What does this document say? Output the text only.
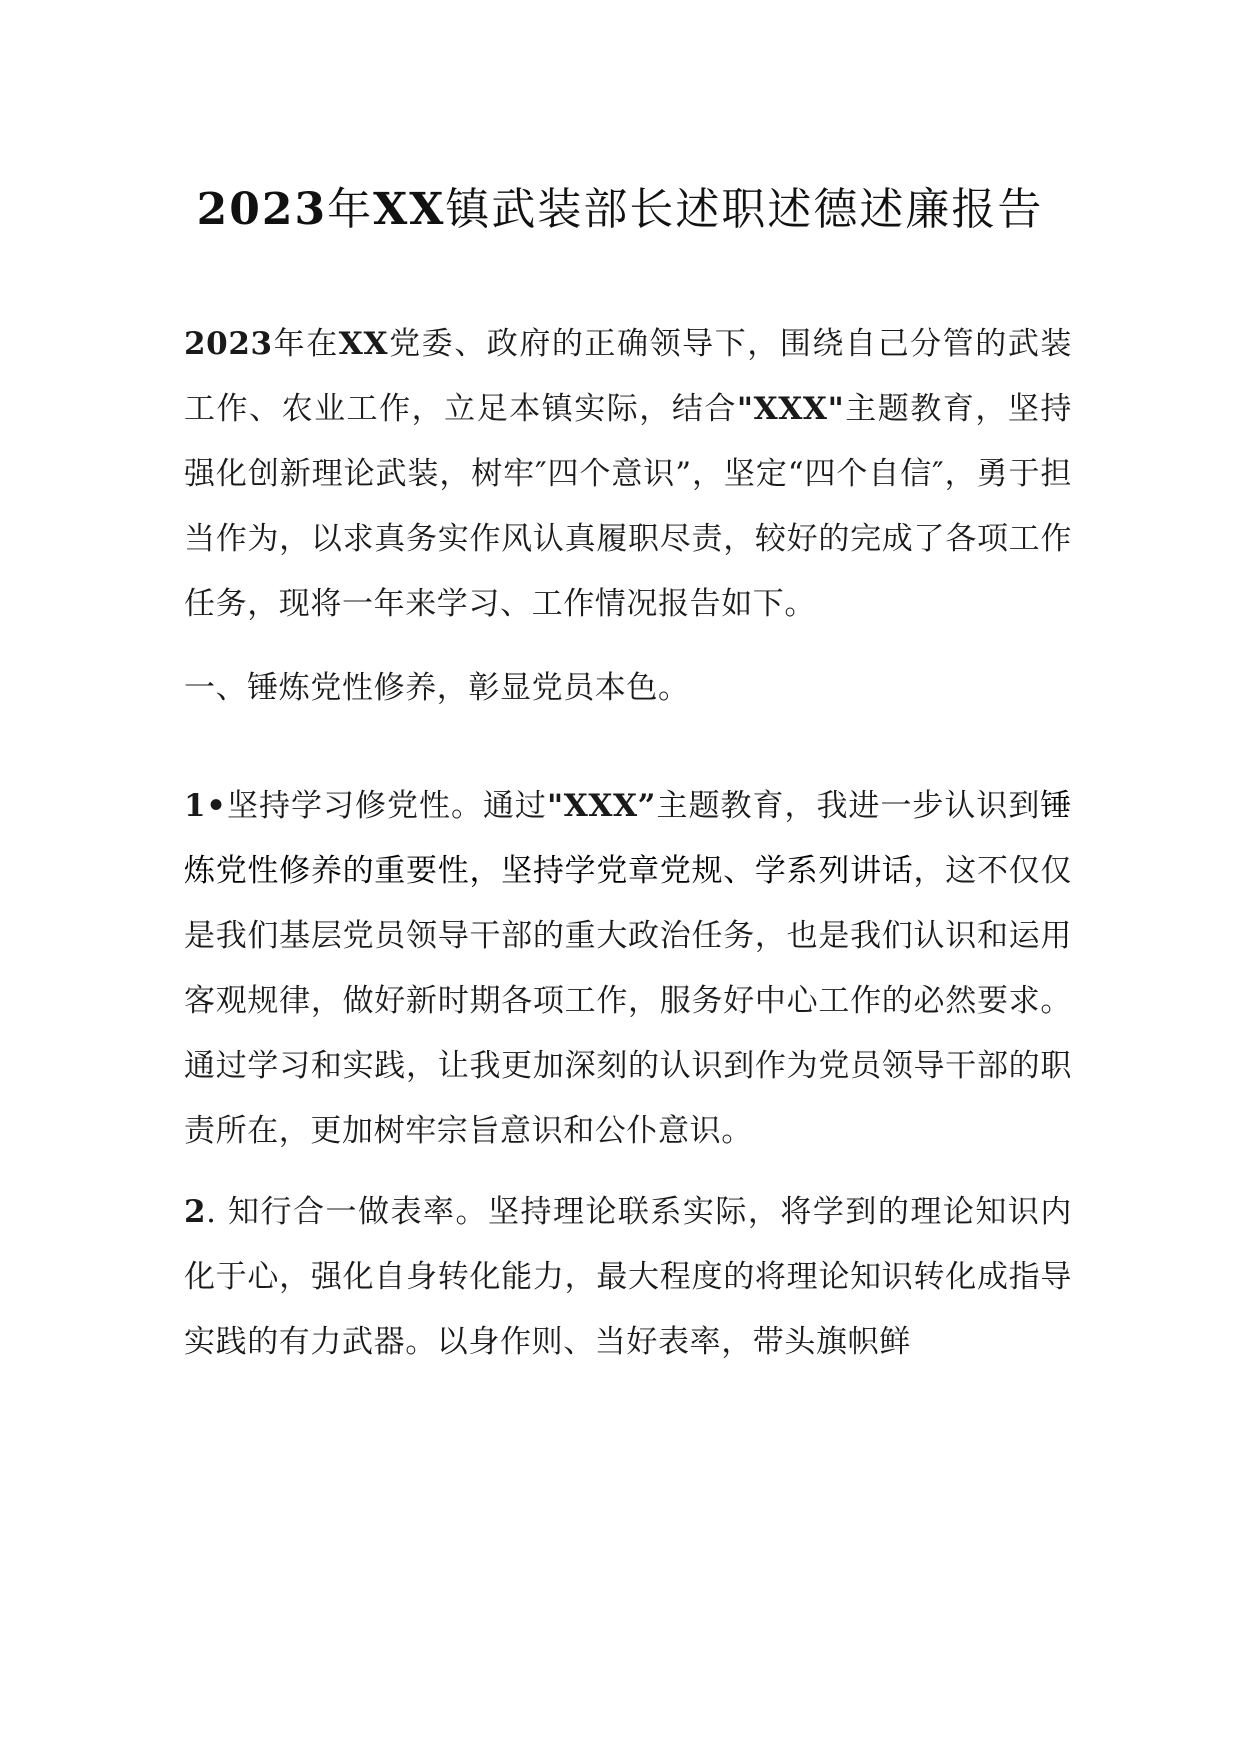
2023年XX镇武装部长述职述德述廉报告

2023年在XX党委、政府的正确领导下，围绕自己分管的武装工作、农业工作，立足本镇实际，结合"XXX"主题教育，坚持强化创新理论武装，树牢″四个意识”，坚定“四个自信″，勇于担当作为，以求真务实作风认真履职尽责，较好的完成了各项工作任务，现将一年来学习、工作情况报告如下。

一、锤炼党性修养，彰显党员本色。

1•坚持学习修党性。通过"XXX”主题教育，我进一步认识到锤炼党性修养的重要性，坚持学党章党规、学系列讲话，这不仅仅是我们基层党员领导干部的重大政治任务，也是我们认识和运用客观规律，做好新时期各项工作，服务好中心工作的必然要求。通过学习和实践，让我更加深刻的认识到作为党员领导干部的职责所在，更加树牢宗旨意识和公仆意识。

2. 知行合一做表率。坚持理论联系实际，将学到的理论知识内化于心，强化自身转化能力，最大程度的将理论知识转化成指导实践的有力武器。以身作则、当好表率，带头旗帜鲜
